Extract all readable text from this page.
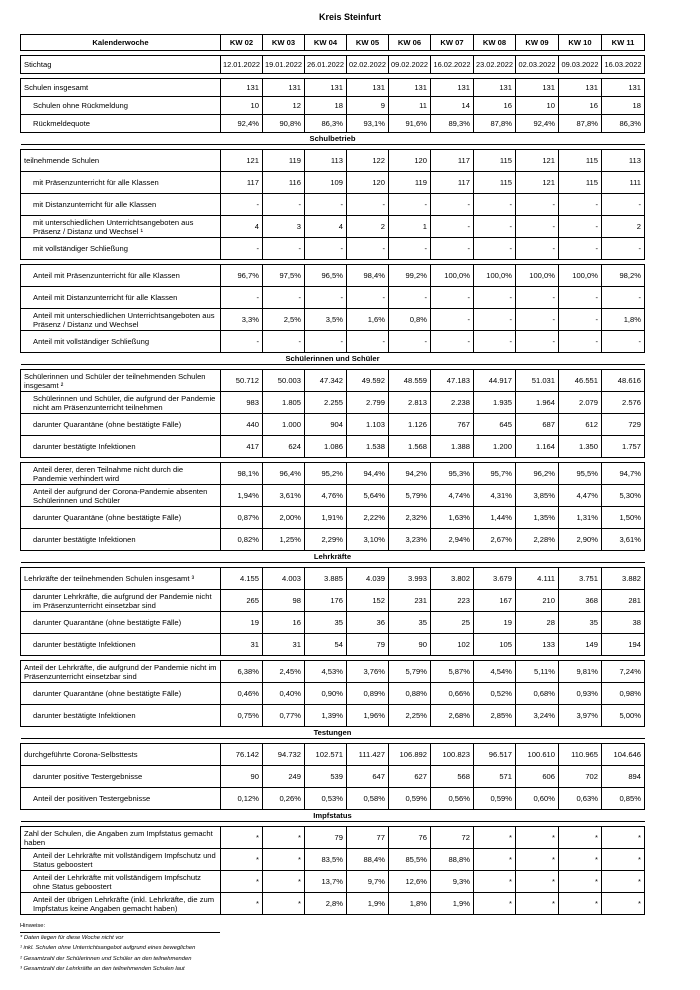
Kreis Steinfurt
Kalenderwoche	KW 02	KW 03	KW 04	KW 05	KW 06	KW 07	KW 08	KW 09	KW 10	KW 11

Stichtag	12.01.2022	19.01.2022	26.01.2022	02.02.2022	09.02.2022	16.02.2022	23.02.2022	02.03.2022	09.03.2022	16.03.2022

Schulen insgesamt	131	131	131	131	131	131	131	131	131	131
Schulen ohne Rückmeldung	10	12	18	9	11	14	16	10	16	18
Rückmeldequote	92,4%	90,8%	86,3%	93,1%	91,6%	89,3%	87,8%	92,4%	87,8%	86,3%
Schulbetrieb										

teilnehmende Schulen	121	119	113	122	120	117	115	121	115	113
mit Präsenzunterricht für alle Klassen	117	116	109	120	119	117	115	121	115	111
mit Distanzunterricht für alle Klassen	-	-	-	-	-	-	-	-	-	-
mit unterschiedlichen Unterrichtsangeboten aus Präsenz / Distanz und Wechsel ¹	4	3	4	2	1	-	-	-	-	2
mit vollständiger Schließung	-	-	-	-	-	-	-	-	-	-

Anteil mit Präsenzunterricht für alle Klassen	96,7%	97,5%	96,5%	98,4%	99,2%	100,0%	100,0%	100,0%	100,0%	98,2%
Anteil mit Distanzunterricht für alle Klassen	-	-	-	-	-	-	-	-	-	-
Anteil mit unterschiedlichen Unterrichtsangeboten aus Präsenz / Distanz und Wechsel	3,3%	2,5%	3,5%	1,6%	0,8%	-	-	-	-	1,8%
Anteil mit vollständiger Schließung	-	-	-	-	-	-	-	-	-	-
Schülerinnen und Schüler										

Schülerinnen und Schüler der teilnehmenden Schulen insgesamt ²	50.712	50.003	47.342	49.592	48.559	47.183	44.917	51.031	46.551	48.616
Schülerinnen und Schüler, die aufgrund der Pandemie nicht am Präsenzunterricht teilnehmen	983	1.805	2.255	2.799	2.813	2.238	1.935	1.964	2.079	2.576
darunter Quarantäne (ohne bestätigte Fälle)	440	1.000	904	1.103	1.126	767	645	687	612	729
darunter bestätigte Infektionen	417	624	1.086	1.538	1.568	1.388	1.200	1.164	1.350	1.757

Anteil derer, deren Teilnahme nicht durch die Pandemie verhindert wird	98,1%	96,4%	95,2%	94,4%	94,2%	95,3%	95,7%	96,2%	95,5%	94,7%
Anteil der aufgrund der Corona-Pandemie absenten Schülerinnen und Schüler	1,94%	3,61%	4,76%	5,64%	5,79%	4,74%	4,31%	3,85%	4,47%	5,30%
darunter Quarantäne (ohne bestätigte Fälle)	0,87%	2,00%	1,91%	2,22%	2,32%	1,63%	1,44%	1,35%	1,31%	1,50%
darunter bestätigte Infektionen	0,82%	1,25%	2,29%	3,10%	3,23%	2,94%	2,67%	2,28%	2,90%	3,61%
Lehrkräfte										

Lehrkräfte der teilnehmenden Schulen insgesamt ³	4.155	4.003	3.885	4.039	3.993	3.802	3.679	4.111	3.751	3.882
darunter Lehrkräfte, die aufgrund der Pandemie nicht im Präsenzunterricht einsetzbar sind	265	98	176	152	231	223	167	210	368	281
darunter Quarantäne (ohne bestätigte Fälle)	19	16	35	36	35	25	19	28	35	38
darunter bestätigte Infektionen	31	31	54	79	90	102	105	133	149	194

Anteil der Lehrkräfte, die aufgrund der Pandemie nicht im Präsenzunterricht einsetzbar sind	6,38%	2,45%	4,53%	3,76%	5,79%	5,87%	4,54%	5,11%	9,81%	7,24%
darunter Quarantäne (ohne bestätigte Fälle)	0,46%	0,40%	0,90%	0,89%	0,88%	0,66%	0,52%	0,68%	0,93%	0,98%
darunter bestätigte Infektionen	0,75%	0,77%	1,39%	1,96%	2,25%	2,68%	2,85%	3,24%	3,97%	5,00%
Testungen										

durchgeführte Corona-Selbsttests	76.142	94.732	102.571	111.427	106.892	100.823	96.517	100.610	110.965	104.646
darunter positive Testergebnisse	90	249	539	647	627	568	571	606	702	894
Anteil der positiven Testergebnisse	0,12%	0,26%	0,53%	0,58%	0,59%	0,56%	0,59%	0,60%	0,63%	0,85%
Impfstatus										

Zahl der Schulen, die Angaben zum Impfstatus gemacht haben	*	*	79	77	76	72	*	*	*	*
Anteil der Lehrkräfte mit vollständigem Impfschutz und Status geboostert	*	*	83,5%	88,4%	85,5%	88,8%	*	*	*	*
Anteil der Lehrkräfte mit vollständigem Impfschutz ohne Status geboostert	*	*	13,7%	9,7%	12,6%	9,3%	*	*	*	*
Anteil der übrigen Lehrkräfte (inkl. Lehrkräfte, die zum Impfstatus keine Angaben gemacht haben)	*	*	2,8%	1,9%	1,8%	1,9%	*	*	*	*
Hinweise:
* Daten liegen für diese Woche nicht vor
¹ inkl. Schulen ohne Unterrichtsangebot aufgrund eines beweglichen
² Gesamtzahl der Schülerinnen und Schüler an den teilnehmenden
³ Gesamtzahl der Lehrkräfte an den teilnehmenden Schulen laut
